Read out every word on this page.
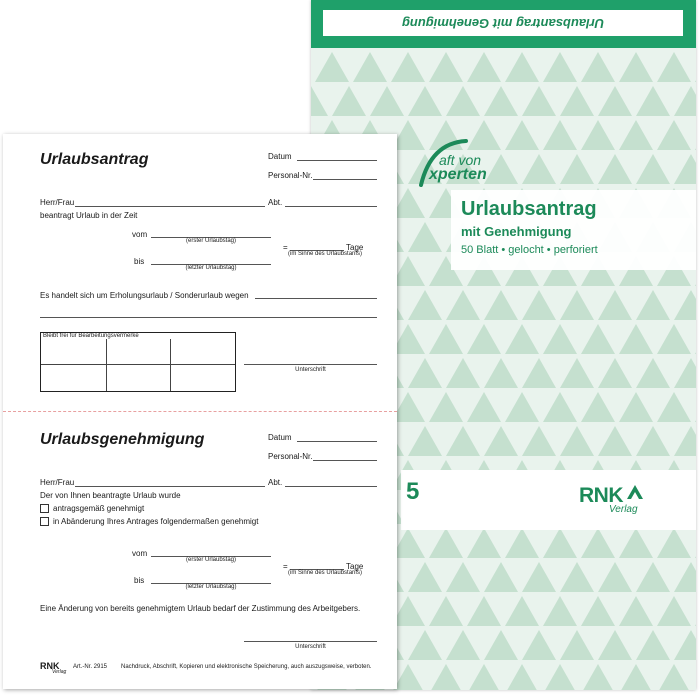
Urlaubsantrag mit Genehmigung
aft von
xperten
Urlaubsantrag
mit Genehmigung
50 Blatt • gelocht • perforiert
5	RNK
Verlag
Urlaubsantrag	Datum
Personal-Nr.
Herr/Frau	Abt.
beantragt Urlaub in der Zeit
vom
(erster Urlaubstag)
=	Tage
(im Sinne des Urlaubstarifs)
bis
(letzter Urlaubstag)
Es handelt sich um Erholungsurlaub / Sonderurlaub wegen
Bleibt frei für Bearbeitungsvermerke
Unterschrift
Urlaubsgenehmigung	Datum
Personal-Nr.
Herr/Frau	Abt.
Der von Ihnen beantragte Urlaub wurde
antragsgemäß genehmigt
in Abänderung Ihres Antrages folgendermaßen genehmigt
vom
(erster Urlaubstag)
=	Tage
(im Sinne des Urlaubstarifs)
bis
(letzter Urlaubstag)
Eine Änderung von bereits genehmigtem Urlaub bedarf der Zustimmung des Arbeitgebers.
Unterschrift
RNK
Verlag
Art.-Nr. 2915 Nachdruck, Abschrift, Kopieren und elektronische Speicherung, auch auszugsweise, verboten.
